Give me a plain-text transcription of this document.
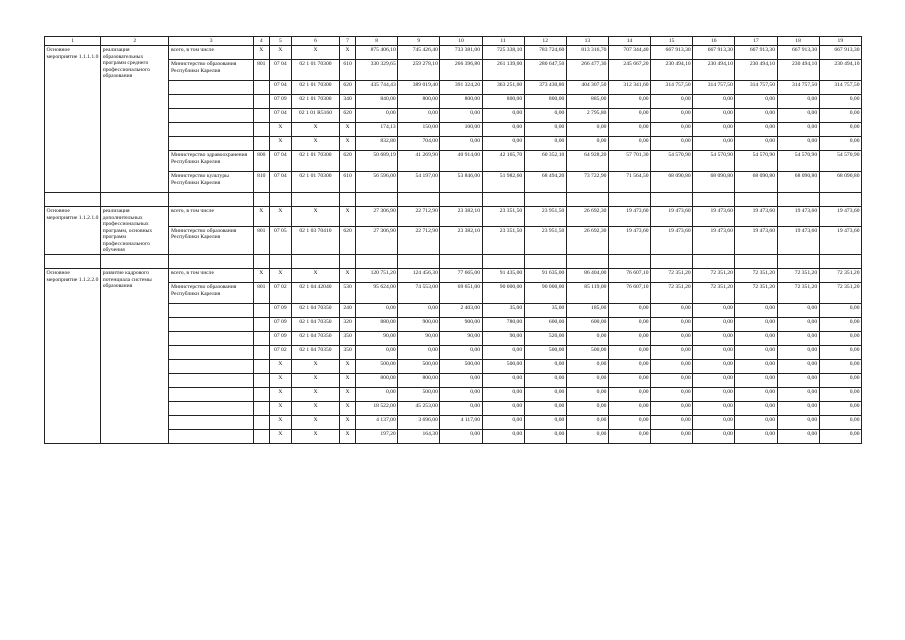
1	2	3	4	5	6	7	8	9	10	11	12	13	14	15	16	17	18	19
Основное мероприятие 1.1.1.1.0	реализация образовательных программ среднего профессионального образования	всего, в том числе	X	X	X	X	875 406,10	745 426,40	733 381,00	725 338,10	783 724,60	813 316,70	707 344,40	667 913,30	667 913,30	667 913,30	667 913,30	667 913,30
		Министерство образования Республики Карелия	801	07 04	02 1 01 70300	610	330 329,65	259 278,10	266 396,80	261 139,00	280 647,50	266 477,30	245 667,20	230 494,10	230 494,10	230 494,10	230 494,10	230 494,10
				07 04	02 1 01 70300	620	435 744,43	389 019,40	391 324,20	363 251,00	373 430,80	404 307,50	312 341,60	314 757,50	314 757,50	314 757,50	314 757,50	314 757,50
				07 09	02 1 01 70300	340	840,00	800,00	800,00	800,00	800,00	885,00	0,00	0,00	0,00	0,00	0,00	0,00
				07 04	02 1 01 R5160	620	0,00	0,00	0,00	0,00	0,00	2 795,80	0,00	0,00	0,00	0,00	0,00	0,00
				X	X	X	174,13	150,00	100,00	0,00	0,00	0,00	0,00	0,00	0,00	0,00	0,00	0,00
				X	X	X	832,80	704,00	0,00	0,00	0,00	0,00	0,00	0,00	0,00	0,00	0,00	0,00
		Министерство здравоохранения Республики Карелия	800	07 04	02 1 01 70300	620	50 689,19	41 269,90	40 914,00	42 165,70	60 352,10	64 928,20	57 701,30	54 570,90	54 570,90	54 570,90	54 570,90	54 570,90
		Министерство культуры Республики Карелия	810	07 04	02 1 01 70300	610	56 596,00	54 197,00	53 846,00	51 982,60	68 494,20	73 722,90	71 564,50	68 090,80	68 090,80	68 090,80	68 090,80	68 090,80

Основное мероприятие 1.1.2.1.0	реализация дополнительных профессиональных программ, основных программ профессионального обучения	всего, в том числе	X	X	X	X	27 306,90	22 712,90	23 382,10	23 351,50	23 951,50	26 692,30	19 473,60	19 473,60	19 473,60	19 473,60	19 473,60	19 473,60
		Министерство образования Республики Карелия	801	07 05	02 1 03 70410	620	27 306,90	22 712,90	23 382,10	23 351,50	23 951,50	26 692,30	19 473,60	19 473,60	19 473,60	19 473,60	19 473,60	19 473,60

Основное мероприятие 1.1.2.2.0	развитие кадрового потенциала системы образования	всего, в том числе	X	X	X	X	120 751,20	124 456,30	77 665,00	91 435,00	91 635,00	86 404,00	76 607,10	72 351,20	72 351,20	72 351,20	72 351,20	72 351,20
		Министерство образования Республики Карелия	801	07 02	02 1 04 42040	530	95 624,00	74 553,00	69 651,00	90 000,00	90 000,00	85 119,00	76 607,10	72 351,20	72 351,20	72 351,20	72 351,20	72 351,20
				07 09	02 1 04 70350	240	0,00	0,00	2 403,00	35,00	35,00	185,00	0,00	0,00	0,00	0,00	0,00	0,00
				07 09	02 1 04 70350	320	880,00	900,00	900,00	780,00	600,00	600,00	0,00	0,00	0,00	0,00	0,00	0,00
				07 09	02 1 04 70350	350	90,00	90,00	90,00	90,00	520,00	0,00	0,00	0,00	0,00	0,00	0,00	0,00
				07 02	02 1 04 70350	350	0,00	0,00	0,00	0,00	500,00	500,00	0,00	0,00	0,00	0,00	0,00	0,00
				X	X	X	500,00	500,00	500,00	500,00	0,00	0,00	0,00	0,00	0,00	0,00	0,00	0,00
				X	X	X	800,00	800,00	0,00	0,00	0,00	0,00	0,00	0,00	0,00	0,00	0,00	0,00
				X	X	X	0,00	500,00	0,00	0,00	0,00	0,00	0,00	0,00	0,00	0,00	0,00	0,00
				X	X	X	18 522,00	45 253,00	0,00	0,00	0,00	0,00	0,00	0,00	0,00	0,00	0,00	0,00
				X	X	X	4 137,00	3 696,00	4 117,00	0,00	0,00	0,00	0,00	0,00	0,00	0,00	0,00	0,00
				X	X	X	197,20	164,30	0,00	0,00	0,00	0,00	0,00	0,00	0,00	0,00	0,00	0,00
